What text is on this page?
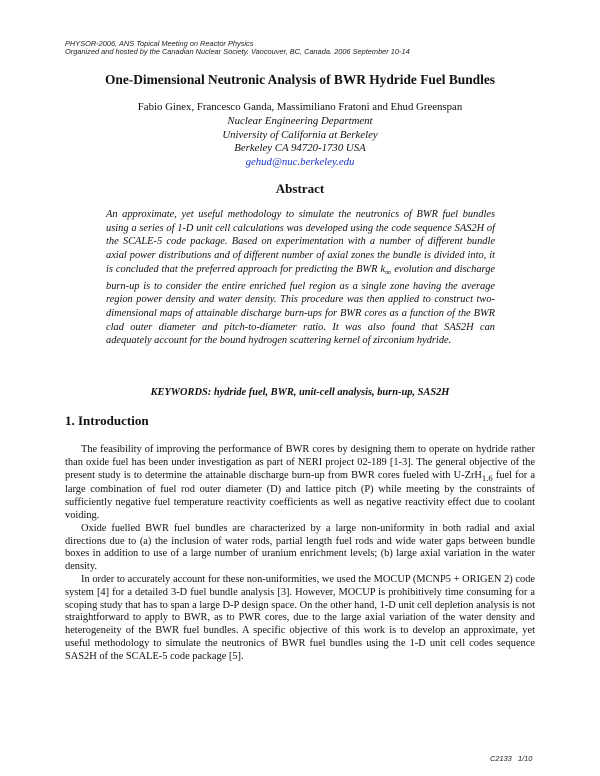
PHYSOR-2006, ANS Topical Meeting on Reactor Physics
Organized and hosted by the Canadian Nuclear Society. Vancouver, BC, Canada. 2006 September 10-14
One-Dimensional Neutronic Analysis of BWR Hydride Fuel Bundles
Fabio Ginex, Francesco Ganda, Massimiliano Fratoni and Ehud Greenspan
Nuclear Engineering Department
University of California at Berkeley
Berkeley CA 94720-1730 USA
gehud@nuc.berkeley.edu
Abstract

An approximate, yet useful methodology to simulate the neutronics of BWR fuel bundles using a series of 1-D unit cell calculations was developed using the code sequence SAS2H of the SCALE-5 code package. Based on experimentation with a number of different bundle axial power distributions and of different number of axial zones the bundle is divided into, it is concluded that the preferred approach for predicting the BWR $k_\infty$ evolution and discharge burn-up is to consider the entire enriched fuel region as a single zone having the average region power density and water density. This procedure was then applied to construct two-dimensional maps of attainable discharge burn-ups for BWR cores as a function of the BWR clad outer diameter and pitch-to-diameter ratio. It was also found that SAS2H can adequately account for the bound hydrogen scattering kernel of zirconium hydride.

KEYWORDS: hydride fuel, BWR, unit-cell analysis, burn-up, SAS2H
1. Introduction

The feasibility of improving the performance of BWR cores by designing them to operate on hydride rather than oxide fuel has been under investigation as part of NERI project 02-189 [1-3]. The general objective of the present study is to determine the attainable discharge burn-up from BWR cores fueled with U-ZrH$_{1.6}$ fuel for a large combination of fuel rod outer diameter (D) and lattice pitch (P) while meeting by the constraints of sufficiently negative fuel temperature reactivity coefficients as well as negative reactivity effect due to coolant voiding.

Oxide fuelled BWR fuel bundles are characterized by a large non-uniformity in both radial and axial directions due to (a) the inclusion of water rods, partial length fuel rods and wide water gaps between bundle boxes in addition to use of a large number of uranium enrichment levels; (b) large axial variation in the water density.

In order to accurately account for these non-uniformities, we used the MOCUP (MCNP5 + ORIGEN 2) code system [4] for a detailed 3-D fuel bundle analysis [3]. However, MOCUP is prohibitively time consuming for a scoping study that has to span a large D-P design space. On the other hand, 1-D unit cell depletion analysis is not straightforward to apply to BWR, as to PWR cores, due to the large axial variation of the water density and heterogeneity of the BWR fuel bundles. A specific objective of this work is to develop an approximate, yet useful methodology to simulate the neutronics of BWR fuel bundles using the 1-D unit cell codes sequence SAS2H of the SCALE-5 code package [5].

C2133 1/10
